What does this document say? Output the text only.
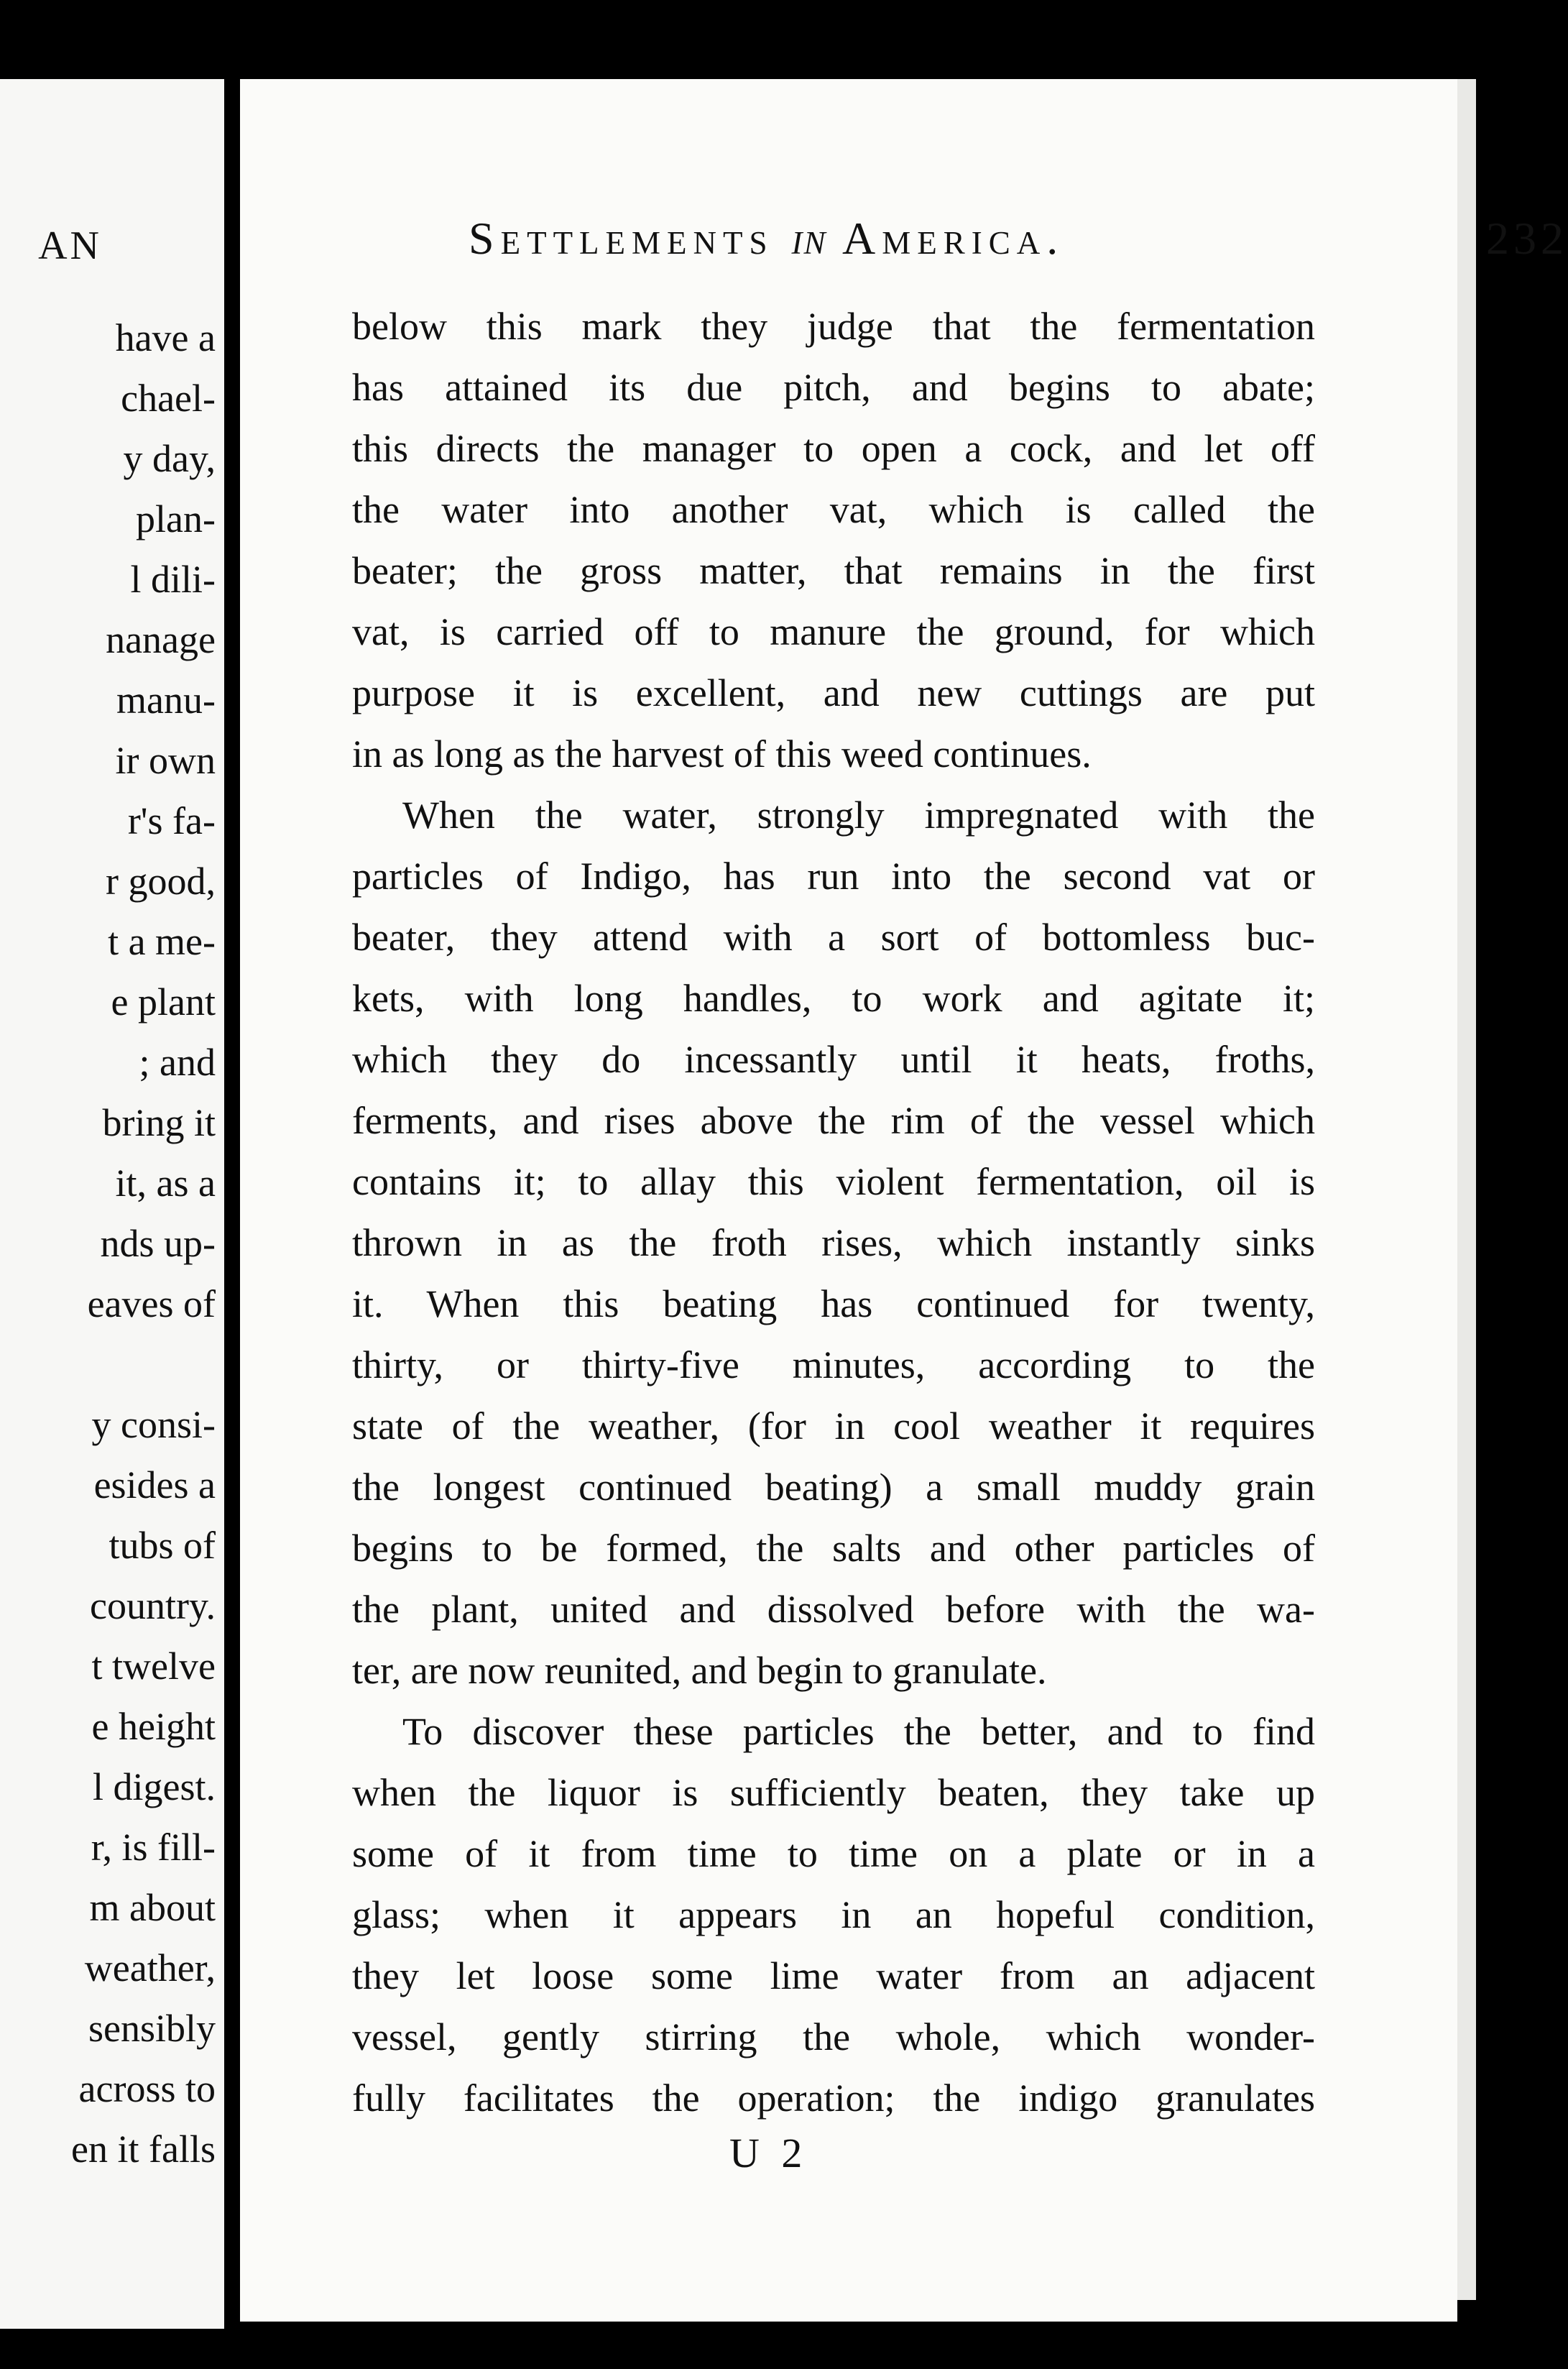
AN
have a
chael-
y day,
plan-
l dili-
nanage
manu-
ir own
r's fa-
r good,
t a me-
e plant
; and
bring it
it, as a
nds up-
eaves of
y consi-
esides a
tubs of
country.
t twelve
e height
l digest.
r, is fill-
m about
weather,
sensibly
across to
en it falls
Settlements in America.	232
below this mark they judge that the fermentation
has attained its due pitch, and begins to abate;
this directs the manager to open a cock, and let off
the water into another vat, which is called the
beater; the gross matter, that remains in the first
vat, is carried off to manure the ground, for which
purpose it is excellent, and new cuttings are put
in as long as the harvest of this weed continues.
When the water, strongly impregnated with the
particles of Indigo, has run into the second vat or
beater, they attend with a sort of bottomless buc-
kets, with long handles, to work and agitate it;
which they do incessantly until it heats, froths,
ferments, and rises above the rim of the vessel which
contains it; to allay this violent fermentation, oil is
thrown in as the froth rises, which instantly sinks
it. When this beating has continued for twenty,
thirty, or thirty-five minutes, according to the
state of the weather, (for in cool weather it requires
the longest continued beating) a small muddy grain
begins to be formed, the salts and other particles of
the plant, united and dissolved before with the wa-
ter, are now reunited, and begin to granulate.
To discover these particles the better, and to find
when the liquor is sufficiently beaten, they take up
some of it from time to time on a plate or in a
glass; when it appears in an hopeful condition,
they let loose some lime water from an adjacent
vessel, gently stirring the whole, which wonder-
fully facilitates the operation; the indigo granulates
U 2
